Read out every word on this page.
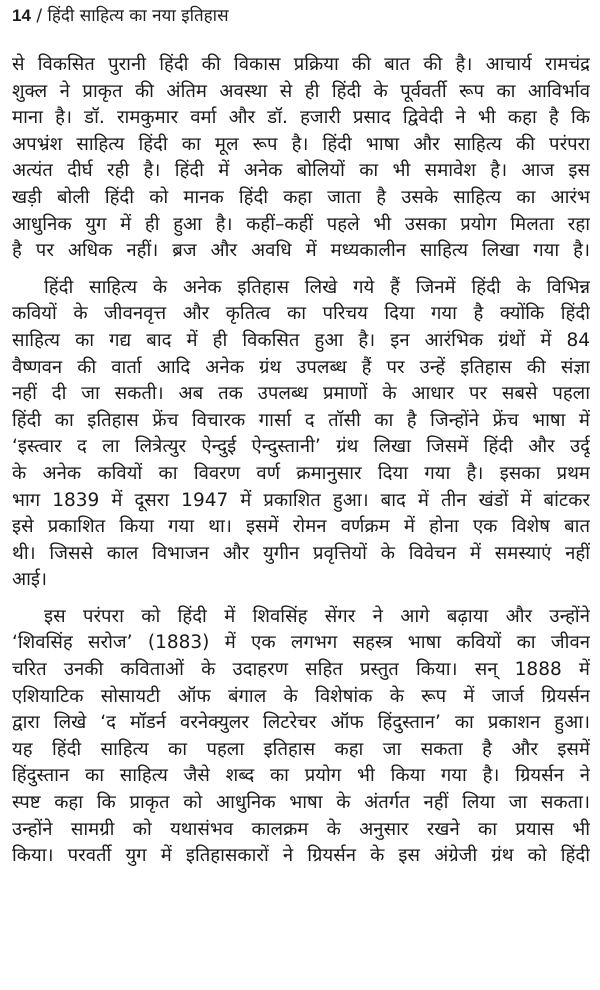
14 / हिंदी साहित्य का नया इतिहास
से विकसित पुरानी हिंदी की विकास प्रक्रिया की बात की है। आचार्य रामचंद्र
शुक्ल ने प्राकृत की अंतिम अवस्था से ही हिंदी के पूर्ववर्ती रूप का आविर्भाव
माना है। डॉ. रामकुमार वर्मा और डॉ. हजारी प्रसाद द्विवेदी ने भी कहा है कि
अपभ्रंश साहित्य हिंदी का मूल रूप है। हिंदी भाषा और साहित्य की परंपरा
अत्यंत दीर्घ रही है। हिंदी में अनेक बोलियों का भी समावेश है। आज इस
खड़ी बोली हिंदी को मानक हिंदी कहा जाता है उसके साहित्य का आरंभ
आधुनिक युग में ही हुआ है। कहीं–कहीं पहले भी उसका प्रयोग मिलता रहा
है पर अधिक नहीं। ब्रज और अवधि में मध्यकालीन साहित्य लिखा गया है।
हिंदी साहित्य के अनेक इतिहास लिखे गये हैं जिनमें हिंदी के विभिन्न
कवियों के जीवनवृत्त और कृतित्व का परिचय दिया गया है क्योंकि हिंदी
साहित्य का गद्य बाद में ही विकसित हुआ है। इन आरंभिक ग्रंथों में 84
वैष्णवन की वार्ता आदि अनेक ग्रंथ उपलब्ध हैं पर उन्हें इतिहास की संज्ञा
नहीं दी जा सकती। अब तक उपलब्ध प्रमाणों के आधार पर सबसे पहला
हिंदी का इतिहास फ्रेंच विचारक गार्सा द तॉसी का है जिन्होंने फ्रेंच भाषा में
‘इस्त्वार द ला लित्रेत्युर ऐन्दुई ऐन्दुस्तानी’ ग्रंथ लिखा जिसमें हिंदी और उर्दू
के अनेक कवियों का विवरण वर्ण क्रमानुसार दिया गया है। इसका प्रथम
भाग 1839 में दूसरा 1947 में प्रकाशित हुआ। बाद में तीन खंडों में बांटकर
इसे प्रकाशित किया गया था। इसमें रोमन वर्णक्रम में होना एक विशेष बात
थी। जिससे काल विभाजन और युगीन प्रवृत्तियों के विवेचन में समस्याएं नहीं
आई।
इस परंपरा को हिंदी में शिवसिंह सेंगर ने आगे बढ़ाया और उन्होंने
‘शिवसिंह सरोज’ (1883) में एक लगभग सहस्त्र भाषा कवियों का जीवन
चरित उनकी कविताओं के उदाहरण सहित प्रस्तुत किया। सन् 1888 में
एशियाटिक सोसायटी ऑफ बंगाल के विशेषांक के रूप में जार्ज ग्रियर्सन
द्वारा लिखे ‘द मॉडर्न वरनेक्युलर लिटरेचर ऑफ हिंदुस्तान’ का प्रकाशन हुआ।
यह हिंदी साहित्य का पहला इतिहास कहा जा सकता है और इसमें
हिंदुस्तान का साहित्य जैसे शब्द का प्रयोग भी किया गया है। ग्रियर्सन ने
स्पष्ट कहा कि प्राकृत को आधुनिक भाषा के अंतर्गत नहीं लिया जा सकता।
उन्होंने सामग्री को यथासंभव कालक्रम के अनुसार रखने का प्रयास भी
किया। परवर्ती युग में इतिहासकारों ने ग्रियर्सन के इस अंग्रेजी ग्रंथ को हिंदी
